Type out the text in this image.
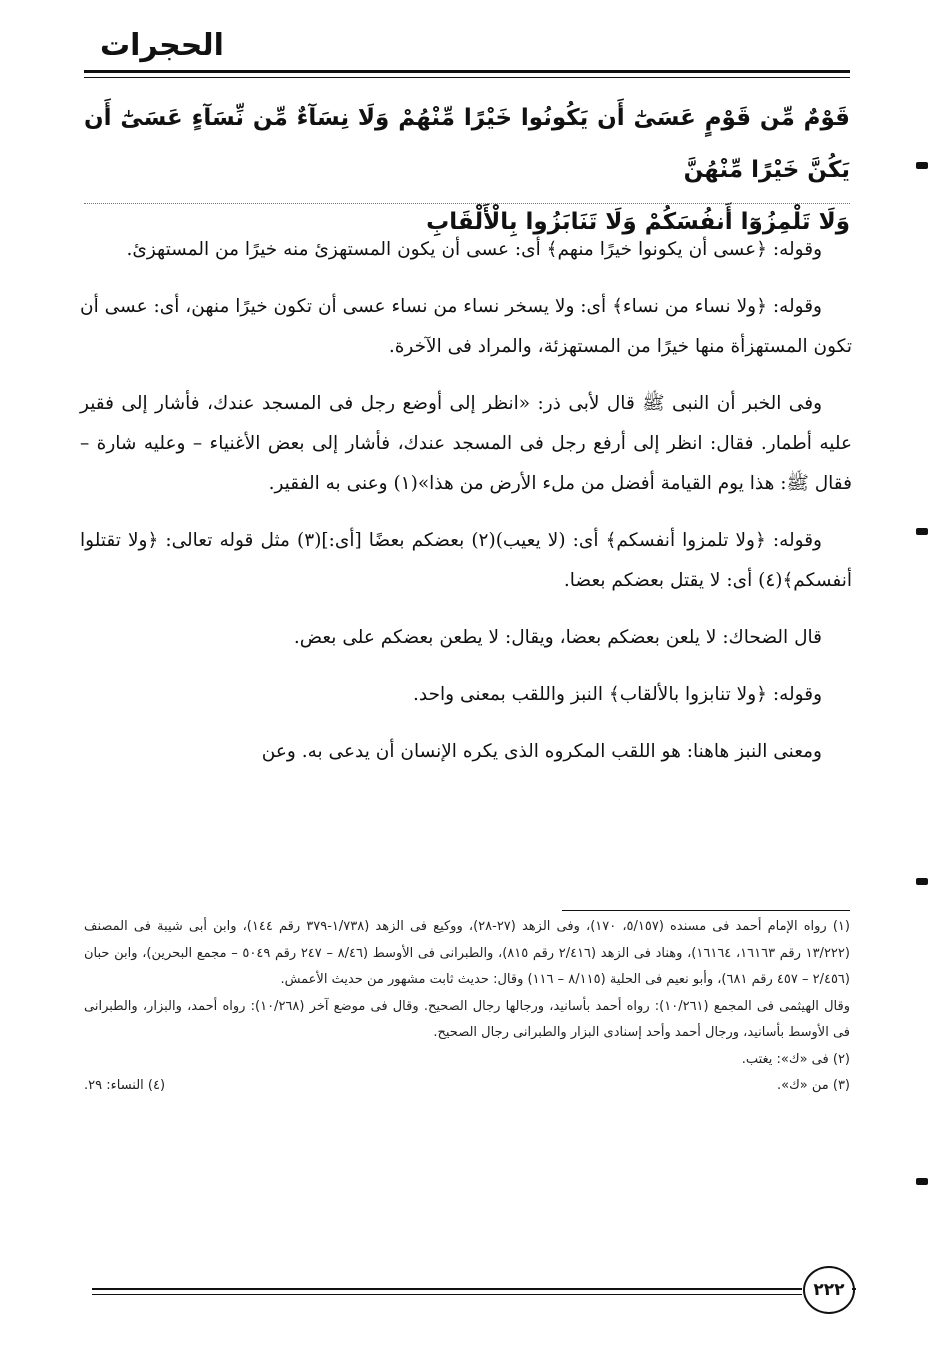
الحجرات
قَوْمٌ مِّن قَوْمٍ عَسَىٰٓ أَن يَكُونُوا خَيْرًا مِّنْهُمْ وَلَا نِسَآءٌ مِّن نِّسَآءٍ عَسَىٰٓ أَن يَكُنَّ خَيْرًا مِّنْهُنَّ
وَلَا تَلْمِزُوٓا أَنفُسَكُمْ وَلَا تَنَابَزُوا بِالْأَلْقَابِ

وقوله: ﴿عسى أن يكونوا خيرًا منهم﴾ أى: عسى أن يكون المستهزئ منه خيرًا من المستهزئ.

وقوله: ﴿ولا نساء من نساء﴾ أى: ولا يسخر نساء من نساء عسى أن تكون خيرًا منهن، أى: عسى أن تكون المستهزأة منها خيرًا من المستهزئة، والمراد فى الآخرة.

وفى الخبر أن النبى ﷺ قال لأبى ذر: «انظر إلى أوضع رجل فى المسجد عندك، فأشار إلى فقير عليه أطمار. فقال: انظر إلى أرفع رجل فى المسجد عندك، فأشار إلى بعض الأغنياء – وعليه شارة – فقال ﷺ: هذا يوم القيامة أفضل من ملء الأرض من هذا»(١) وعنى به الفقير.

وقوله: ﴿ولا تلمزوا أنفسكم﴾ أى: (لا يعيب)(٢) بعضكم بعضًا [أى:](٣) مثل قوله تعالى: ﴿ولا تقتلوا أنفسكم﴾(٤) أى: لا يقتل بعضكم بعضا.

قال الضحاك: لا يلعن بعضكم بعضا، ويقال: لا يطعن بعضكم على بعض.

وقوله: ﴿ولا تنابزوا بالألقاب﴾ النبز واللقب بمعنى واحد.

ومعنى النبز هاهنا: هو اللقب المكروه الذى يكره الإنسان أن يدعى به. وعن

(١) رواه الإمام أحمد فى مسنده (٥/١٥٧، ١٧٠)، وفى الزهد (٢٧-٢٨)، ووكيع فى الزهد (١/٧٣٨-٣٧٩ رقم ١٤٤)، وابن أبى شيبة فى المصنف (١٣/٢٢٢ رقم ١٦١٦٣، ١٦١٦٤)، وهناد فى الزهد (٢/٤١٦ رقم ٨١٥)، والطبرانى فى الأوسط (٨/٤٦ – ٢٤٧ رقم ٥٠٤٩ – مجمع البحرين)، وابن حبان (٢/٤٥٦ – ٤٥٧ رقم ٦٨١)، وأبو نعيم فى الحلية (٨/١١٥ – ١١٦) وقال: حديث ثابت مشهور من حديث الأعمش.

وقال الهيثمى فى المجمع (١٠/٢٦١): رواه أحمد بأسانيد، ورجالها رجال الصحيح. وقال فى موضع آخر (١٠/٢٦٨): رواه أحمد، والبزار، والطبرانى فى الأوسط بأسانيد، ورجال أحمد وأحد إسنادى البزار والطبرانى رجال الصحيح.

(٢) فى «ك»: يغتب.

(٣) من «ك».
(٤) النساء: ٢٩.
٢٢٢
